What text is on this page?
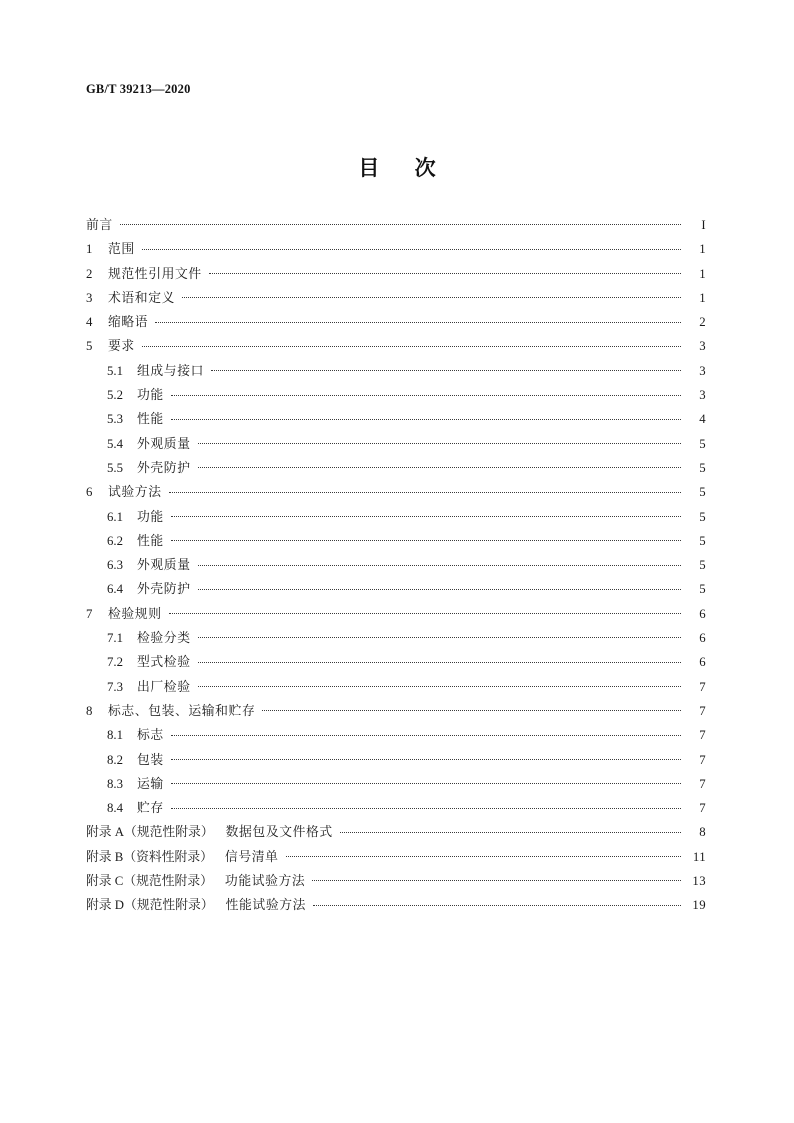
GB/T 39213—2020
目 次
前言	I
1	范围	1
2	规范性引用文件	1
3	术语和定义	1
4	缩略语	2
5	要求	3
5.1	组成与接口	3
5.2	功能	3
5.3	性能	4
5.4	外观质量	5
5.5	外壳防护	5
6	试验方法	5
6.1	功能	5
6.2	性能	5
6.3	外观质量	5
6.4	外壳防护	5
7	检验规则	6
7.1	检验分类	6
7.2	型式检验	6
7.3	出厂检验	7
8	标志、包装、运输和贮存	7
8.1	标志	7
8.2	包装	7
8.3	运输	7
8.4	贮存	7
附录 A（规范性附录） 数据包及文件格式	8
附录 B（资料性附录） 信号清单	11
附录 C（规范性附录） 功能试验方法	13
附录 D（规范性附录） 性能试验方法	19
